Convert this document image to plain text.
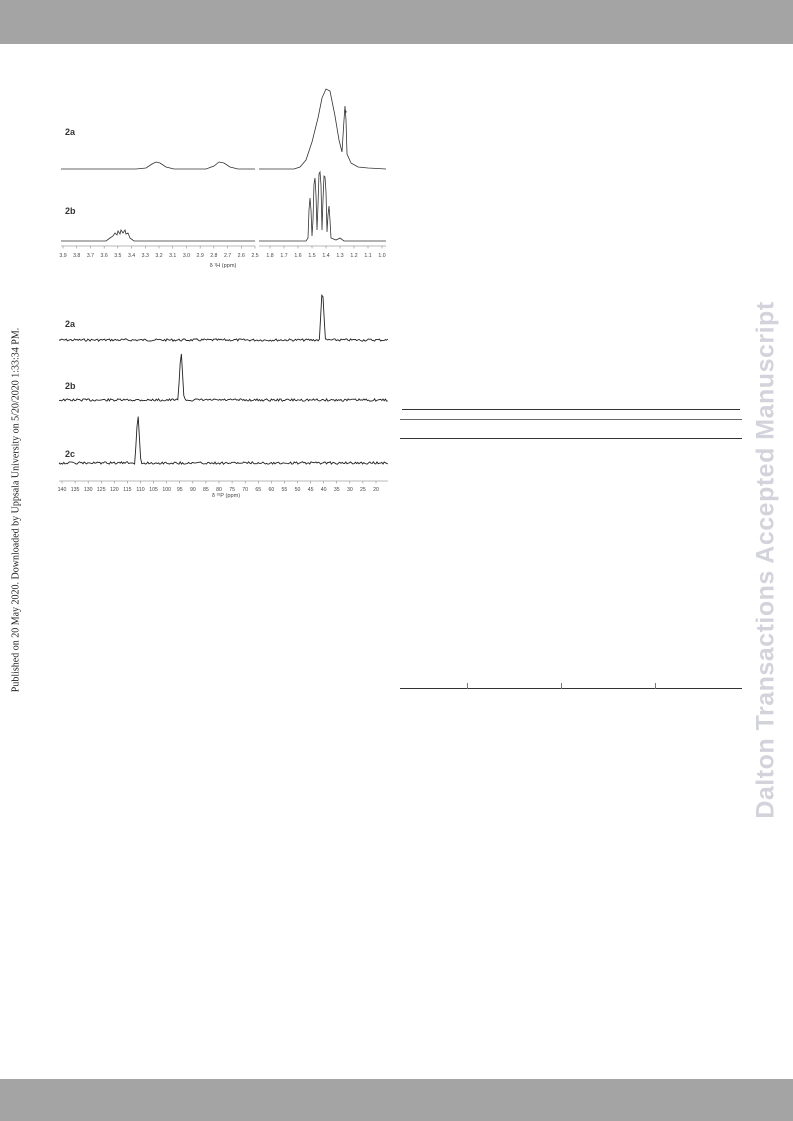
Published on 20 May 2020. Downloaded by Uppsala University on 5/20/2020 1:33:34 PM.
2a
2b
*
3.9 3.8 3.7 3.6 3.5 3.4 3.3 3.2 3.1 3.0 2.9 2.8 2.7 2.6 2.5 1.8 1.7 1.6 1.5 1.4 1.3 1.2 1.1 1.0
δ ¹H (ppm)
2a
2b
2c
140 135 130 125 120 115 110 105 100 95 90 85 80 75 70 65 60 55 50 45 40 35 30 25 20
δ ³¹P (ppm)	Dalton Transactions Accepted Manuscript
